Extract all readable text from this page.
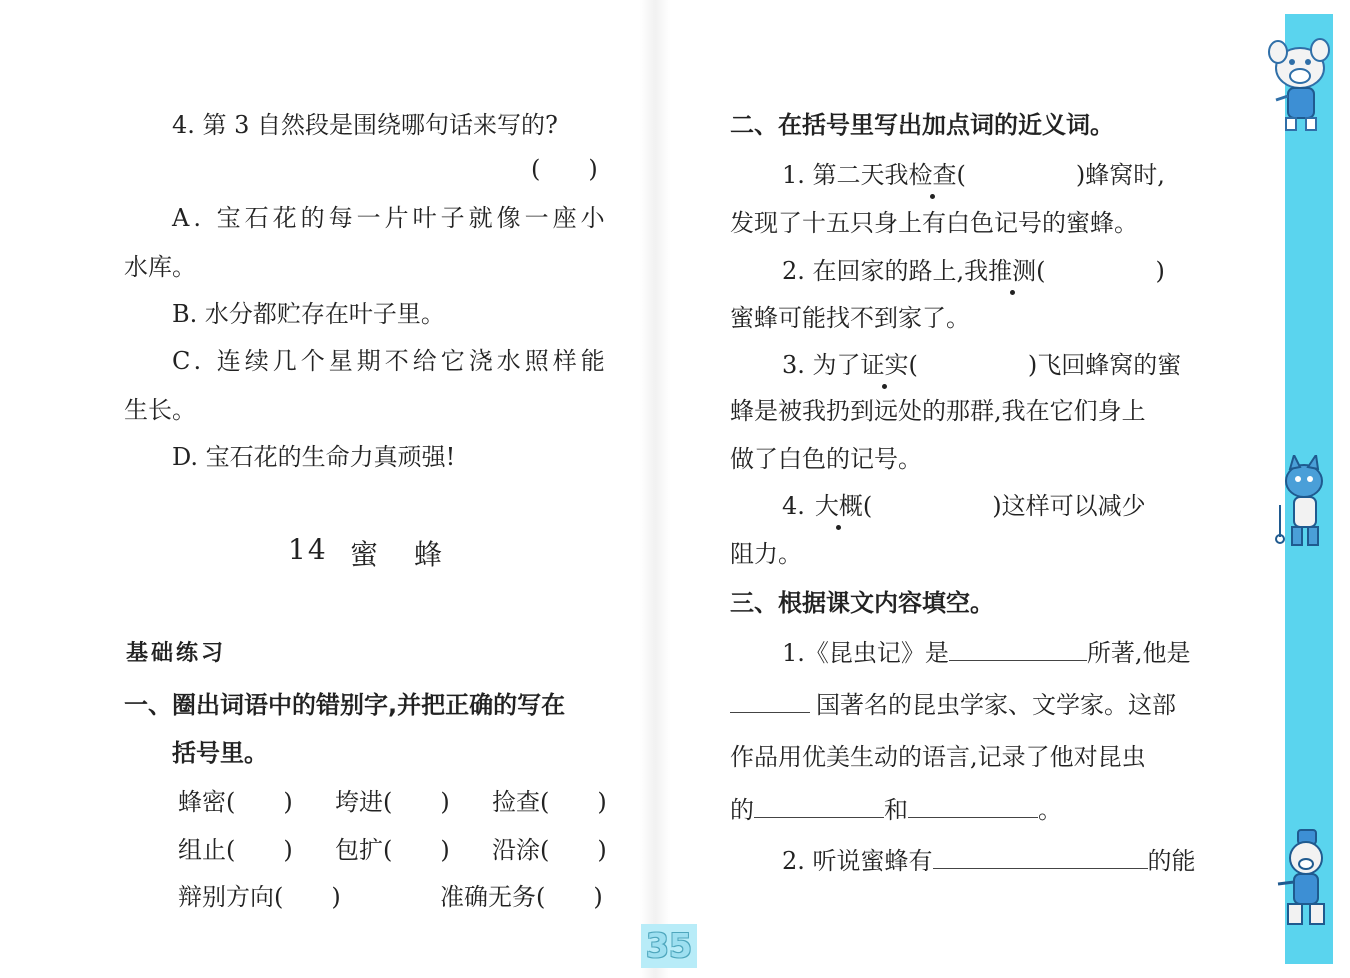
4. 第 3 自然段是围绕哪句话来写的?
(　　)
A. 宝石花的每一片叶子就像一座小
水库。
B. 水分都贮存在叶子里。
C. 连续几个星期不给它浇水照样能
生长。
D. 宝石花的生命力真顽强!
14 蜜 蜂
基础练习
一、圈出词语中的错别字,并把正确的写在
括号里。
蜂密(　　) 垮进(　　) 捡查(　　)
组止(　　) 包扩(　　) 沿涂(　　)
辩别方向(　　)	准确无务(　　)
二、在括号里写出加点词的近义词。
1. 第二天我检查(	)蜂窝时,
发现了十五只身上有白色记号的蜜蜂。
2. 在回家的路上,我推测(	)
蜜蜂可能找不到家了。
3. 为了证实(	)飞回蜂窝的蜜
蜂是被我扔到远处的那群,我在它们身上
做了白色的记号。
4. 大概(	)这样可以减少
阻力。
三、根据课文内容填空。
1.《昆虫记》是	所著,他是
国著名的昆虫学家、文学家。这部
作品用优美生动的语言,记录了他对昆虫
的	和	。
2. 听说蜜蜂有	的能
35
